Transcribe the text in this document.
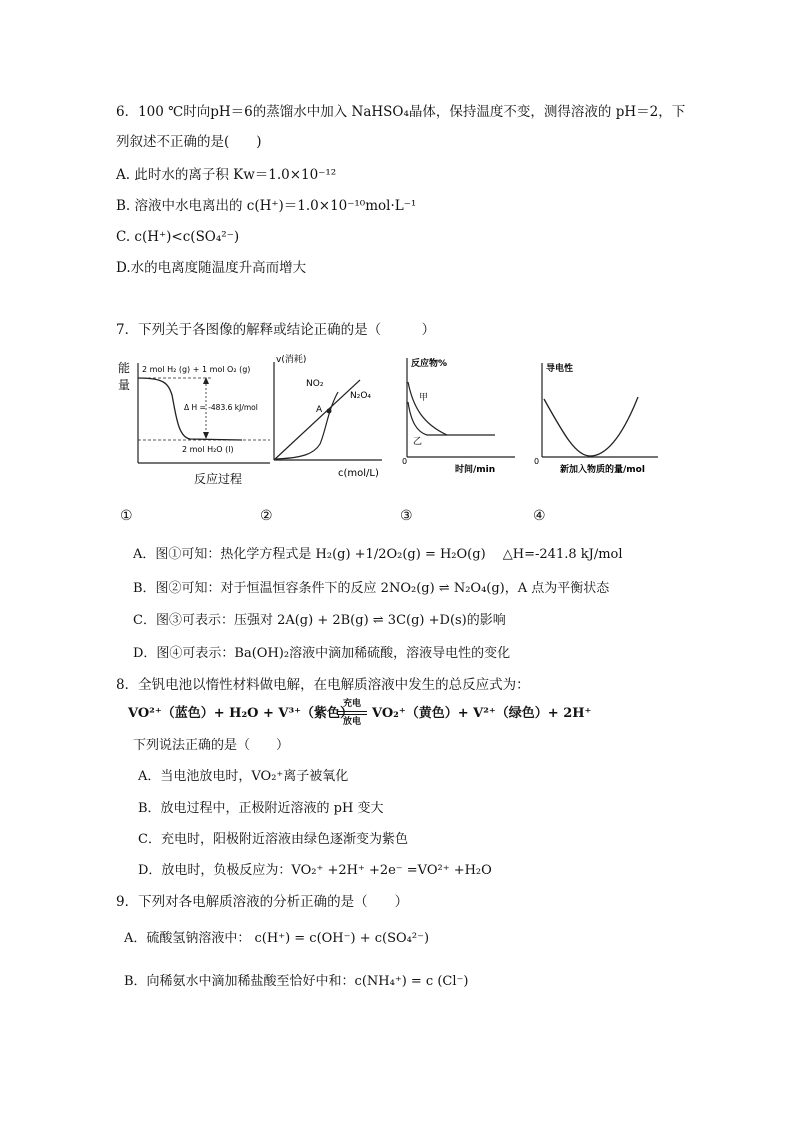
6．100 ℃时向pH＝6的蒸馏水中加入 NaHSO₄晶体，保持温度不变，测得溶液的 pH＝2，下
列叙述不正确的是(　　)
A. 此时水的离子积 Kw＝1.0×10⁻¹²
B. 溶液中水电离出的 c(H⁺)＝1.0×10⁻¹⁰mol·L⁻¹
C. c(H⁺)<c(SO₄²⁻)
D.水的电离度随温度升高而增大
7．下列关于各图像的解释或结论正确的是（　　　）
能
量
2 mol H₂ (g) + 1 mol O₂ (g)
Δ H = -483.6 kJ/mol
2 mol H₂O (l)
反应过程
v(消耗)
NO₂
N₂O₄
A
c(mol/L)
反应物%
甲
乙
0
时间/min
导电性
0
新加入物质的量/mol
①	②	③	④
A．图①可知：热化学方程式是 H₂(g) +1/2O₂(g) = H₂O(g)　 △H=-241.8 kJ/mol
B．图②可知：对于恒温恒容条件下的反应 2NO₂(g) ⇌ N₂O₄(g)，A 点为平衡状态
C．图③可表示：压强对 2A(g) + 2B(g) ⇌ 3C(g) +D(s)的影响
D．图④可表示：Ba(OH)₂溶液中滴加稀硫酸，溶液导电性的变化
8．全钒电池以惰性材料做电解，在电解质溶液中发生的总反应式为：
VO²⁺（蓝色）+ H₂O + V³⁺（紫色）
充电
放电
VO₂⁺（黄色）+ V²⁺（绿色）+ 2H⁺
下列说法正确的是（　　）
A．当电池放电时，VO₂⁺离子被氧化
B．放电过程中，正极附近溶液的 pH 变大
C．充电时，阳极附近溶液由绿色逐渐变为紫色
D．放电时，负极反应为：VO₂⁺ +2H⁺ +2e⁻ =VO²⁺ +H₂O
9．下列对各电解质溶液的分析正确的是（　　）
A．硫酸氢钠溶液中： c(H⁺) = c(OH⁻) + c(SO₄²⁻)
B．向稀氨水中滴加稀盐酸至恰好中和：c(NH₄⁺) = c (Cl⁻)
